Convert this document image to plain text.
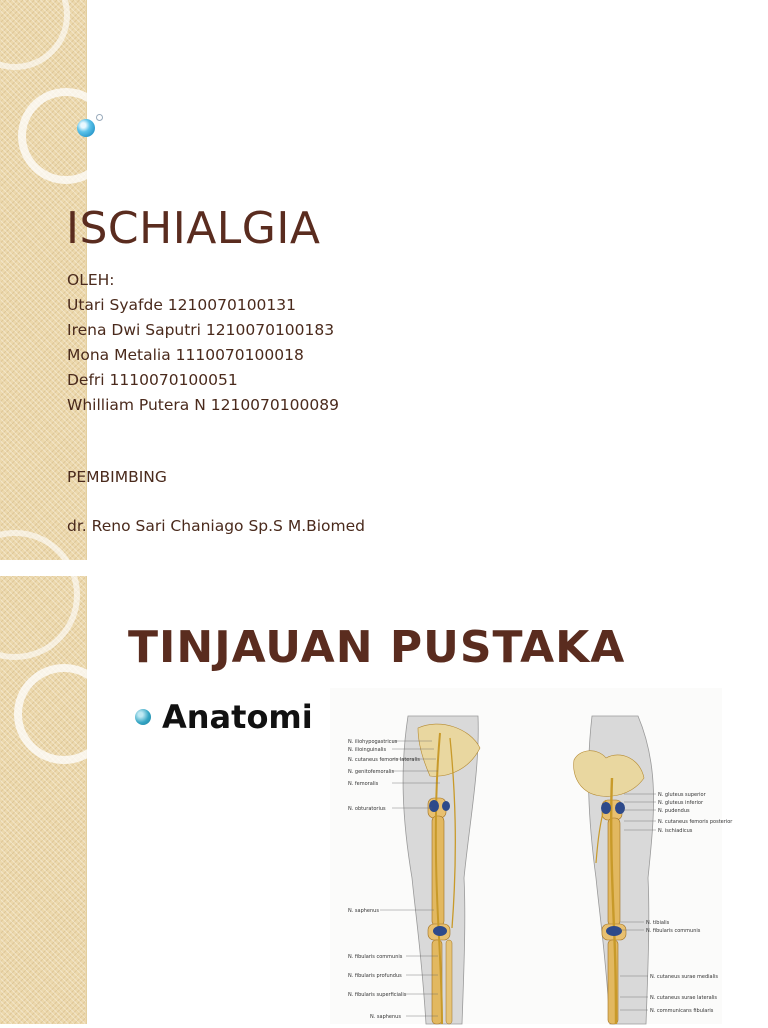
ISCHIALGIA
OLEH:
Utari Syafde 1210070100131
Irena Dwi Saputri 1210070100183
Mona Metalia 1110070100018
Defri 1110070100051
Whilliam Putera N 1210070100089
PEMBIMBING
dr. Reno Sari Chaniago Sp.S M.Biomed
TINJAUAN PUSTAKA
Anatomi
N. iliohypogastricus
N. ilioinguinalis
N. cutaneus femoris lateralis
N. genitofemoralis
N. femoralis
N. obturatorius
N. saphenus
N. fibularis communis
N. fibularis profundus
N. fibularis superficialis
N. saphenus
N. gluteus superior
N. gluteus inferior
N. pudendus
N. cutaneus femoris posterior
N. ischiadicus
N. tibialis
N. fibularis communis
N. cutaneus surae medialis
N. cutaneus surae lateralis
N. communicans fibularis
